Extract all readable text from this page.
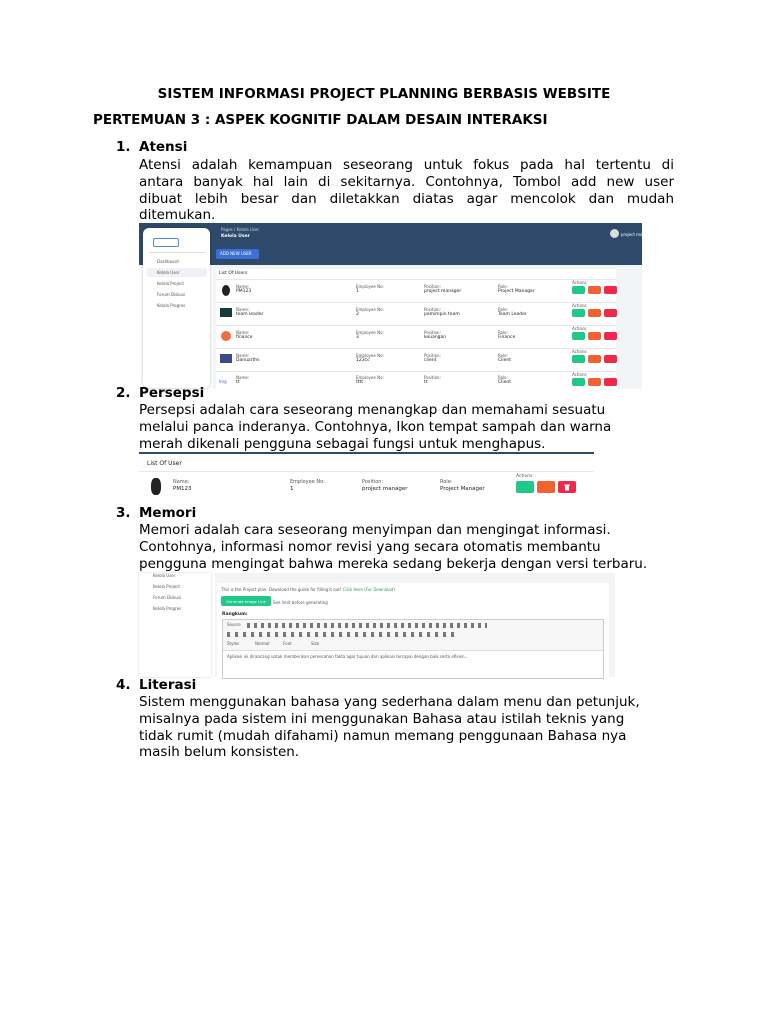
SISTEM INFORMASI PROJECT PLANNING BERBASIS WEBSITE
PERTEMUAN 3 : ASPEK KOGNITIF DALAM DESAIN INTERAKSI
1. Atensi
Atensi adalah kemampuan seseorang untuk fokus pada hal tertentu di
antara banyak hal lain di sekitarnya. Contohnya, Tombol add new user
dibuat lebih besar dan diletakkan diatas agar mencolok dan mudah
ditemukan.
Pages / Kelola User
Kelola User	project man
Dashboard
Kelola User
Kelola Project
Forum Diskusi
Kelola Progres
ADD NEW USER
List Of Users
Name:
PM123
Employee No:
1
Position:
project manager
Role:
Project Manager
Actions
Name:
team leader
Employee No:
2
Position:
pemimpin team
Role:
Team Leader
Actions
Name:
finance
Employee No:
3
Position:
keuangan
Role:
Finance
Actions
Name:
Danuarths
Employee No:
123cc
Position:
client
Role:
Client
Actions
Img
Name:
tt
Employee No:
tttt
Position:
tt
Role:
Client
Actions
2. Persepsi
Persepsi adalah cara seseorang menangkap dan memahami sesuatu
melalui panca inderanya. Contohnya, Ikon tempat sampah dan warna
merah dikenali pengguna sebagai fungsi untuk menghapus.
List Of User
Name:
PM123
Employee No:
1
Position:
project manager
Role:
Project Manager
Actions
3. Memori
Memori adalah cara seseorang menyimpan dan mengingat informasi.
Contohnya, informasi nomor revisi yang secara otomatis membantu
pengguna mengingat bahwa mereka sedang bekerja dengan versi terbaru.
Kelola User
Kelola Project
Forum Diskusi
Kelola Progres
This is the Project plan. Download the guide for filling it out! Click Here (For Download)
Generate Image Link See limit before generating
Rangkum:
Source
Styles	Normal	Font	Size
Aplikasi ini dirancang untuk memberikan pemecahan fakta agar tujuan dari aplikasi tercapai dengan baik serta efisien...
4. Literasi
Sistem menggunakan bahasa yang sederhana dalam menu dan petunjuk,
misalnya pada sistem ini menggunakan Bahasa atau istilah teknis yang
tidak rumit (mudah difahami) namun memang penggunaan Bahasa nya
masih belum konsisten.
